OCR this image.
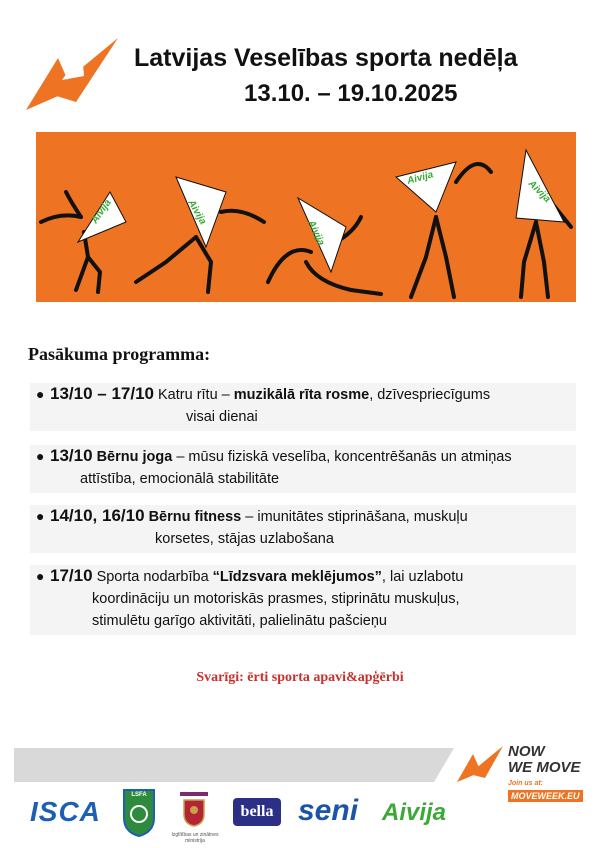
Latvijas Veselības sporta nedēļa
13.10. – 19.10.2025
Aivija	Aivija
Aivija
Aivija
Aivija
Pasākuma programma:
● 13/10 – 17/10 Katru rītu – muzikālā rīta rosme, dzīvespriecīgums

visai dienai
● 13/10 Bērnu joga – mūsu fiziskā veselība, koncentrēšanās un atmiņas

attīstība, emocionālā stabilitāte
● 14/10, 16/10 Bērnu fitness – imunitātes stiprināšana, muskuļu

korsetes, stājas uzlabošana
● 17/10 Sporta nodarbība “Līdzsvara meklējumos”, lai uzlabotu

koordināciju un motoriskās prasmes, stiprinātu muskuļus,
stimulētu garīgo aktivitāti, palielinātu pašcieņu
Svarīgi: ērti sporta apavi&apģērbi
NOW
WE MOVE
Join us at:
MOVEWEEK.EU
ISCA
LSFA
Izglītības un zinātnes ministrija
bella seni Aivija
